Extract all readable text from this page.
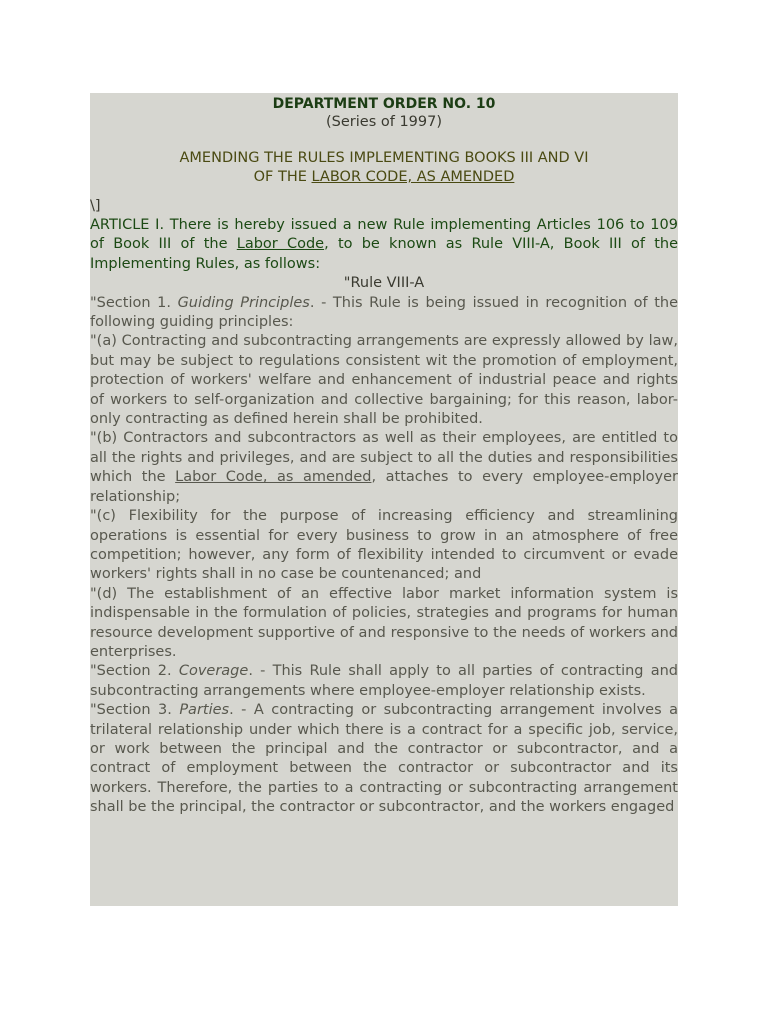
DEPARTMENT ORDER NO. 10
(Series of 1997)
AMENDING THE RULES IMPLEMENTING BOOKS III AND VI
OF THE LABOR CODE, AS AMENDED
\]

ARTICLE I. There is hereby issued a new Rule implementing Articles 106 to 109 of Book III of the Labor Code, to be known as Rule VIII-A, Book III of the Implementing Rules, as follows:

"Rule VIII-A

"Section 1. Guiding Principles. - This Rule is being issued in recognition of the following guiding principles:

"(a) Contracting and subcontracting arrangements are expressly allowed by law, but may be subject to regulations consistent wit the promotion of employment, protection of workers' welfare and enhancement of industrial peace and rights of workers to self-organization and collective bargaining; for this reason, labor-only contracting as defined herein shall be prohibited.

"(b) Contractors and subcontractors as well as their employees, are entitled to all the rights and privileges, and are subject to all the duties and responsibilities which the Labor Code, as amended, attaches to every employee-employer relationship;

"(c) Flexibility for the purpose of increasing efficiency and streamlining operations is essential for every business to grow in an atmosphere of free competition; however, any form of flexibility intended to circumvent or evade workers' rights shall in no case be countenanced; and

"(d) The establishment of an effective labor market information system is indispensable in the formulation of policies, strategies and programs for human resource development supportive of and responsive to the needs of workers and enterprises.

"Section 2. Coverage. - This Rule shall apply to all parties of contracting and subcontracting arrangements where employee-employer relationship exists.

"Section 3. Parties. - A contracting or subcontracting arrangement involves a trilateral relationship under which there is a contract for a specific job, service, or work between the principal and the contractor or subcontractor, and a contract of employment between the contractor or subcontractor and its workers. Therefore, the parties to a contracting or subcontracting arrangement shall be the principal, the contractor or subcontractor, and the workers engaged
